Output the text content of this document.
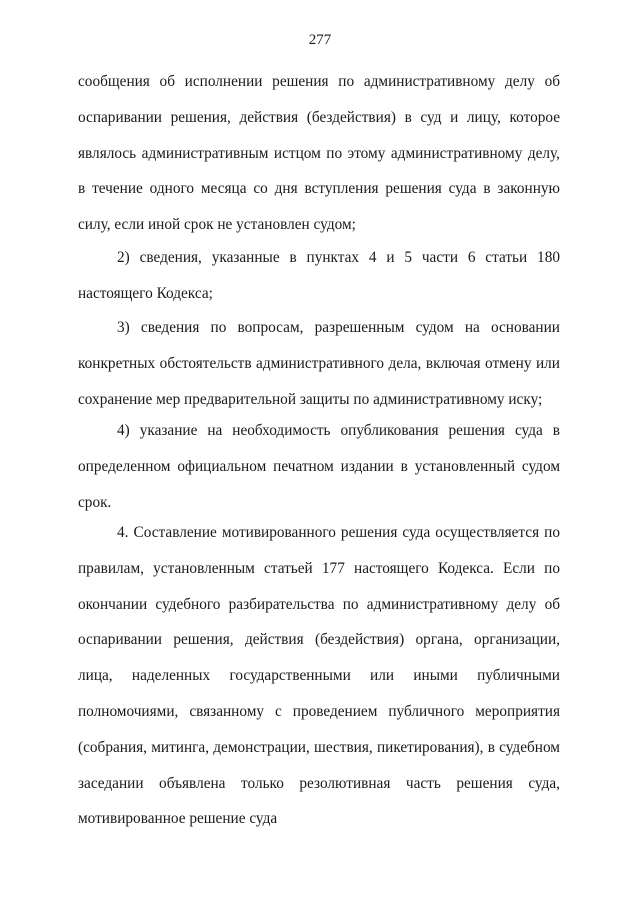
277

сообщения об исполнении решения по административному делу об оспаривании решения, действия (бездействия) в суд и лицу, которое являлось административным истцом по этому административному делу, в течение одного месяца со дня вступления решения суда в законную силу, если иной срок не установлен судом;

2) сведения, указанные в пунктах 4 и 5 части 6 статьи 180 настоящего Кодекса;

3) сведения по вопросам, разрешенным судом на основании конкретных обстоятельств административного дела, включая отмену или сохранение мер предварительной защиты по административному иску;

4) указание на необходимость опубликования решения суда в определенном официальном печатном издании в установленный судом срок.

4. Составление мотивированного решения суда осуществляется по правилам, установленным статьей 177 настоящего Кодекса. Если по окончании судебного разбирательства по административному делу об оспаривании решения, действия (бездействия) органа, организации, лица, наделенных государственными или иными публичными полномочиями, связанному с проведением публичного мероприятия (собрания, митинга, демонстрации, шествия, пикетирования), в судебном заседании объявлена только резолютивная часть решения суда, мотивированное решение суда
